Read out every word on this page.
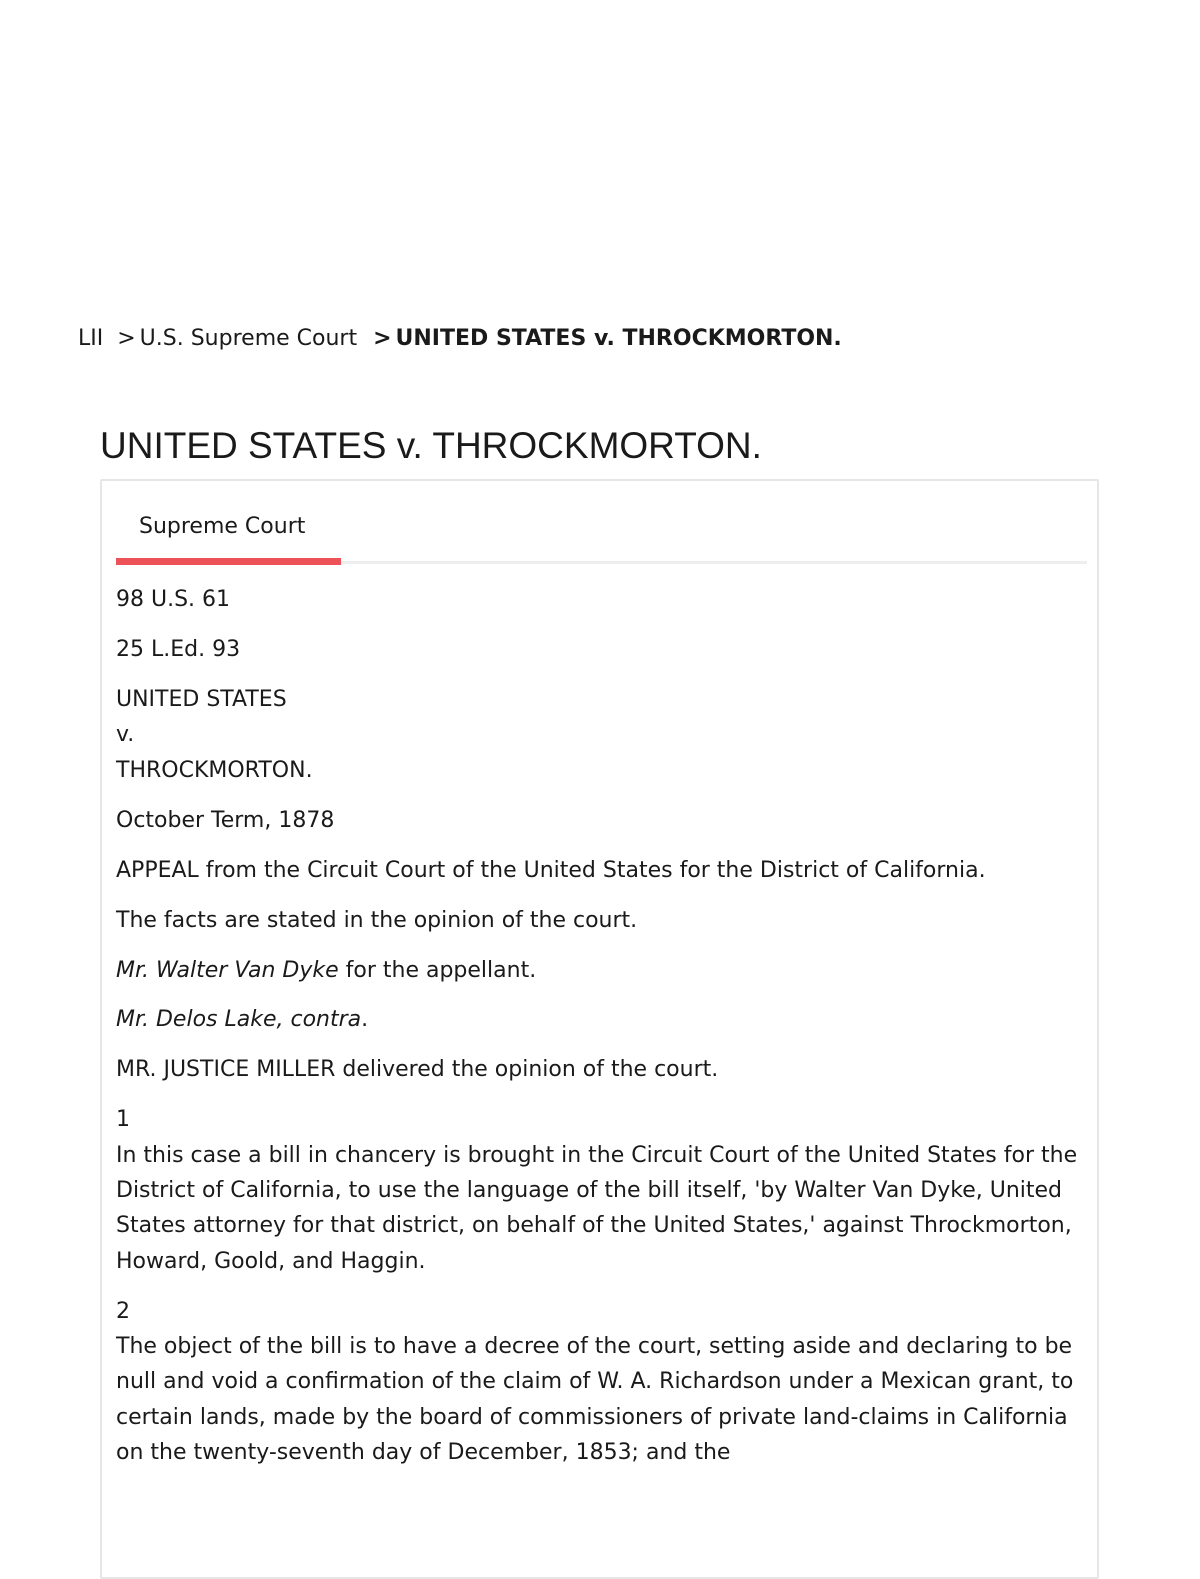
LII > U.S. Supreme Court > UNITED STATES v. THROCKMORTON.
UNITED STATES v. THROCKMORTON.
Supreme Court

98 U.S. 61

25 L.Ed. 93

UNITED STATES
v.
THROCKMORTON.

October Term, 1878

APPEAL from the Circuit Court of the United States for the District of California.

The facts are stated in the opinion of the court.

Mr. Walter Van Dyke for the appellant.

Mr. Delos Lake, contra.

MR. JUSTICE MILLER delivered the opinion of the court.

1
In this case a bill in chancery is brought in the Circuit Court of the United States for the District of California, to use the language of the bill itself, 'by Walter Van Dyke, United States attorney for that district, on behalf of the United States,' against Throckmorton, Howard, Goold, and Haggin.

2
The object of the bill is to have a decree of the court, setting aside and declaring to be null and void a confirmation of the claim of W. A. Richardson under a Mexican grant, to certain lands, made by the board of commissioners of private land-claims in California on the twenty-seventh day of December, 1853; and the
